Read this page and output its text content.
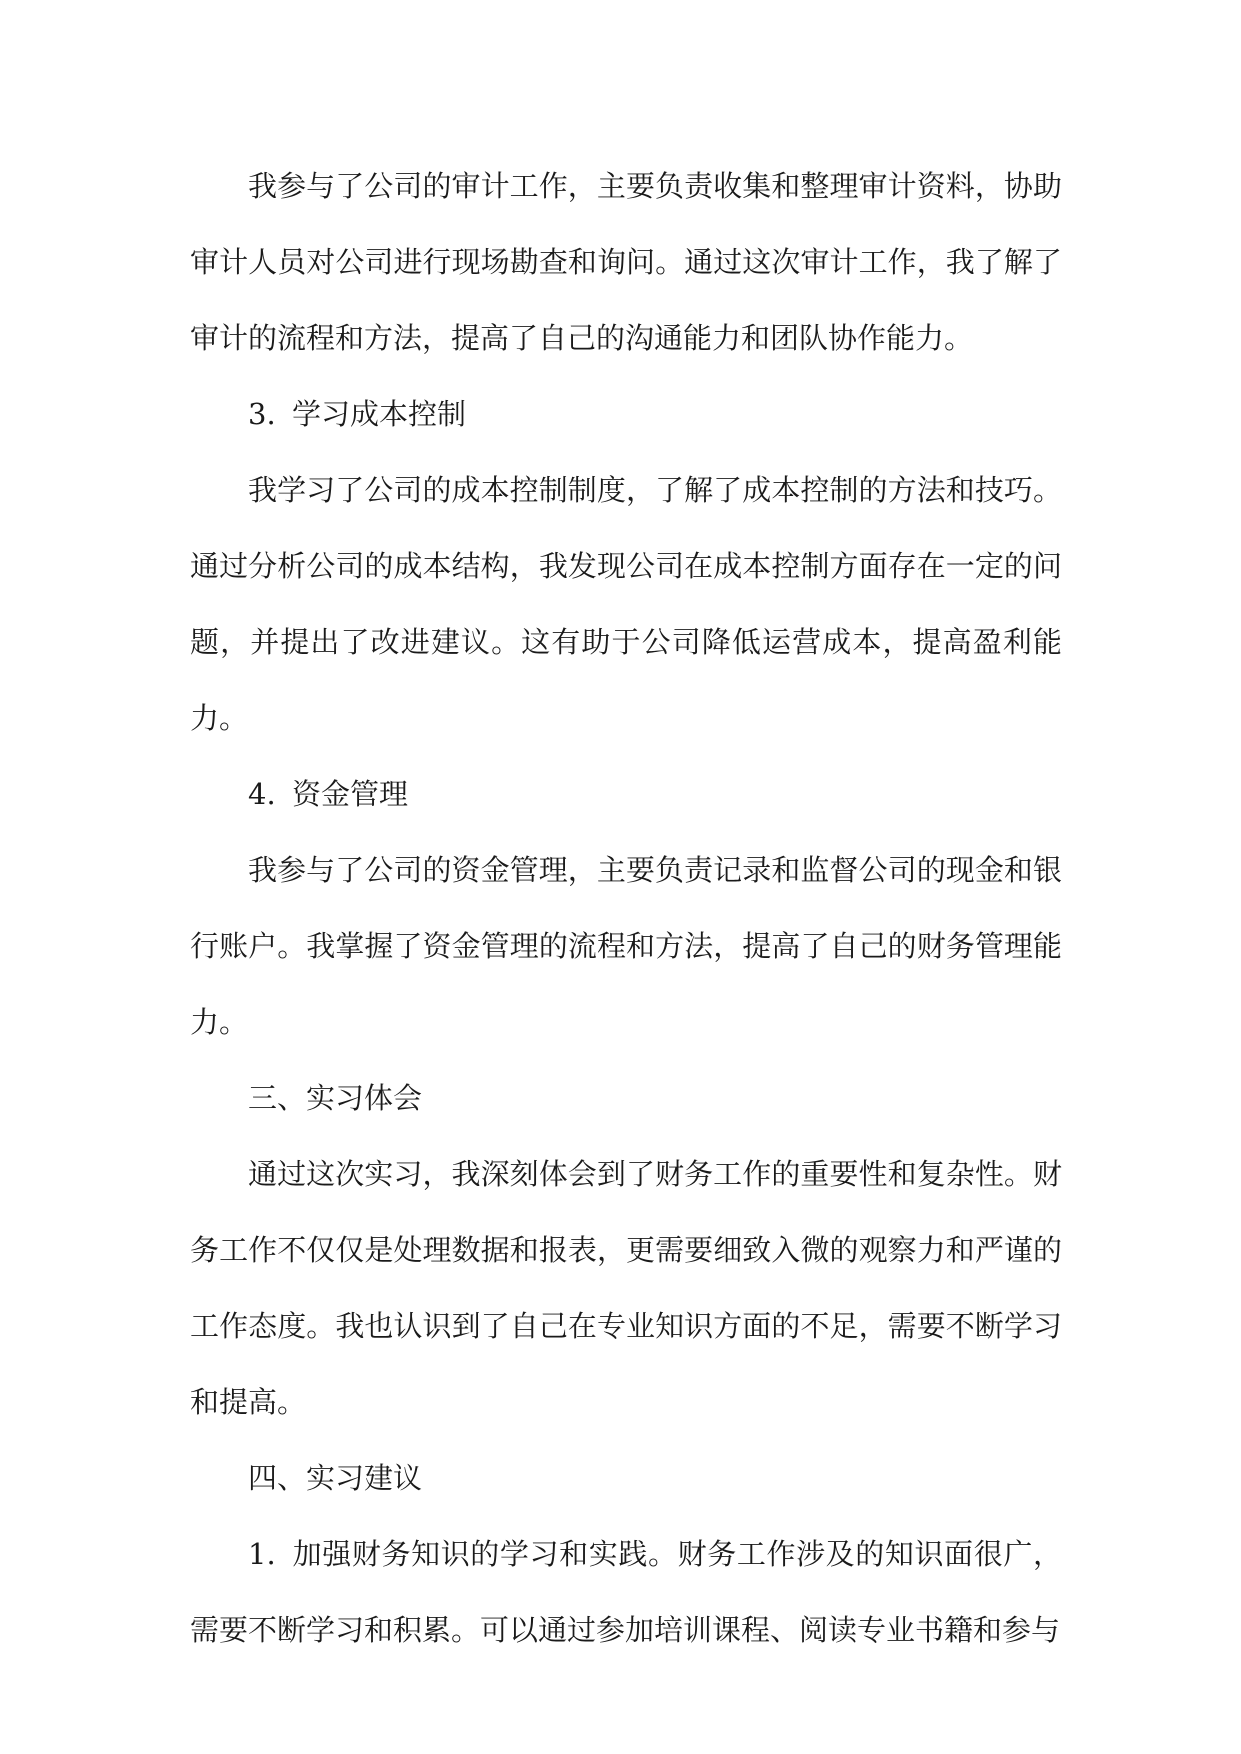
我参与了公司的审计工作，主要负责收集和整理审计资料，协助审计人员对公司进行现场勘查和询问。通过这次审计工作，我了解了审计的流程和方法，提高了自己的沟通能力和团队协作能力。

3. 学习成本控制

我学习了公司的成本控制制度，了解了成本控制的方法和技巧。通过分析公司的成本结构，我发现公司在成本控制方面存在一定的问题，并提出了改进建议。这有助于公司降低运营成本，提高盈利能力。

4. 资金管理

我参与了公司的资金管理，主要负责记录和监督公司的现金和银行账户。我掌握了资金管理的流程和方法，提高了自己的财务管理能力。

三、实习体会

通过这次实习，我深刻体会到了财务工作的重要性和复杂性。财务工作不仅仅是处理数据和报表，更需要细致入微的观察力和严谨的工作态度。我也认识到了自己在专业知识方面的不足，需要不断学习和提高。

四、实习建议

1. 加强财务知识的学习和实践。财务工作涉及的知识面很广，需要不断学习和积累。可以通过参加培训课程、阅读专业书籍和参与
